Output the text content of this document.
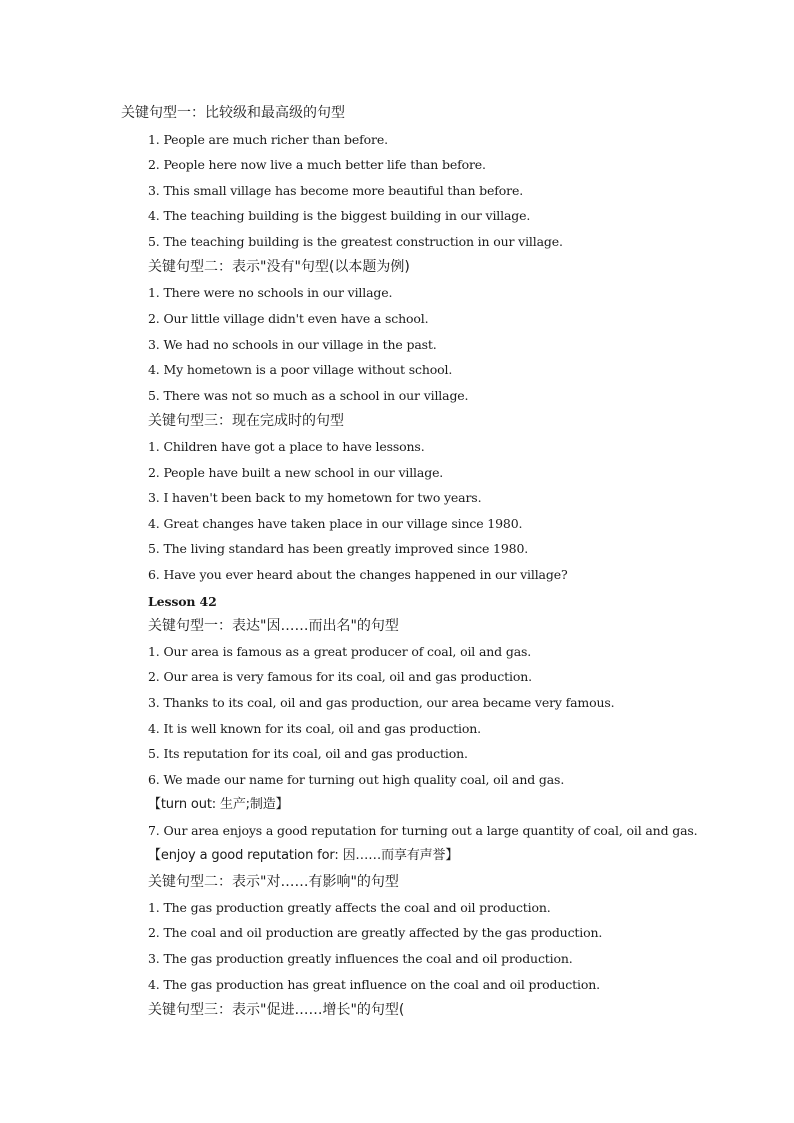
关键句型一：比较级和最高级的句型
1. People are much richer than before.
2. People here now live a much better life than before.
3. This small village has become more beautiful than before.
4. The teaching building is the biggest building in our village.
5. The teaching building is the greatest construction in our village.
关键句型二：表示"没有"句型(以本题为例)
1. There were no schools in our village.
2. Our little village didn't even have a school.
3. We had no schools in our village in the past.
4. My hometown is a poor village without school.
5. There was not so much as a school in our village.
关键句型三：现在完成时的句型
1. Children have got a place to have lessons.
2. People have built a new school in our village.
3. I haven't been back to my hometown for two years.
4. Great changes have taken place in our village since 1980.
5. The living standard has been greatly improved since 1980.
6. Have you ever heard about the changes happened in our village?
Lesson 42
关键句型一：表达"因……而出名"的句型
1. Our area is famous as a great producer of coal, oil and gas.
2. Our area is very famous for its coal, oil and gas production.
3. Thanks to its coal, oil and gas production, our area became very famous.
4. It is well known for its coal, oil and gas production.
5. Its reputation for its coal, oil and gas production.
6. We made our name for turning out high quality coal, oil and gas.
【turn out: 生产;制造】
7. Our area enjoys a good reputation for turning out a large quantity of coal, oil and gas.
【enjoy a good reputation for: 因……而享有声誉】
关键句型二：表示"对……有影响"的句型
1. The gas production greatly affects the coal and oil production.
2. The coal and oil production are greatly affected by the gas production.
3. The gas production greatly influences the coal and oil production.
4. The gas production has great influence on the coal and oil production.
关键句型三：表示"促进……增长"的句型(
